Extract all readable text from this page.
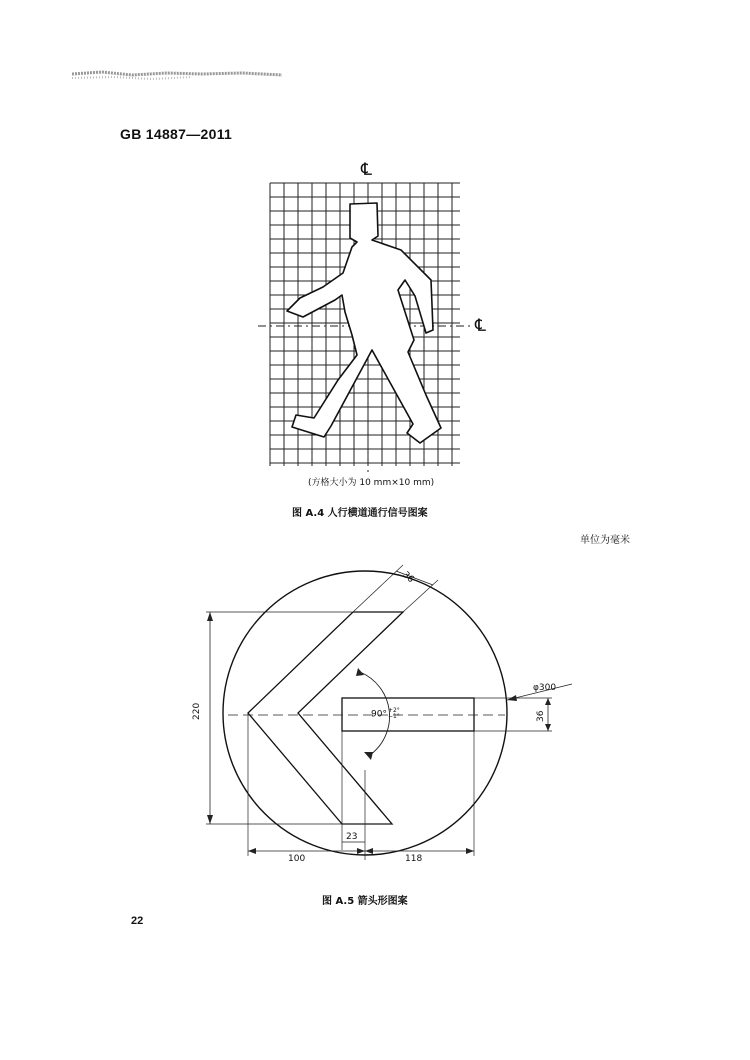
GB 14887—2011
℄
℄
(方格大小为 10 mm×10 mm)
图 A.4 人行横道通行信号图案
单位为毫米
36
φ300
220	36
90°+2°
−1°
23
100	118
图 A.5 箭头形图案
22
